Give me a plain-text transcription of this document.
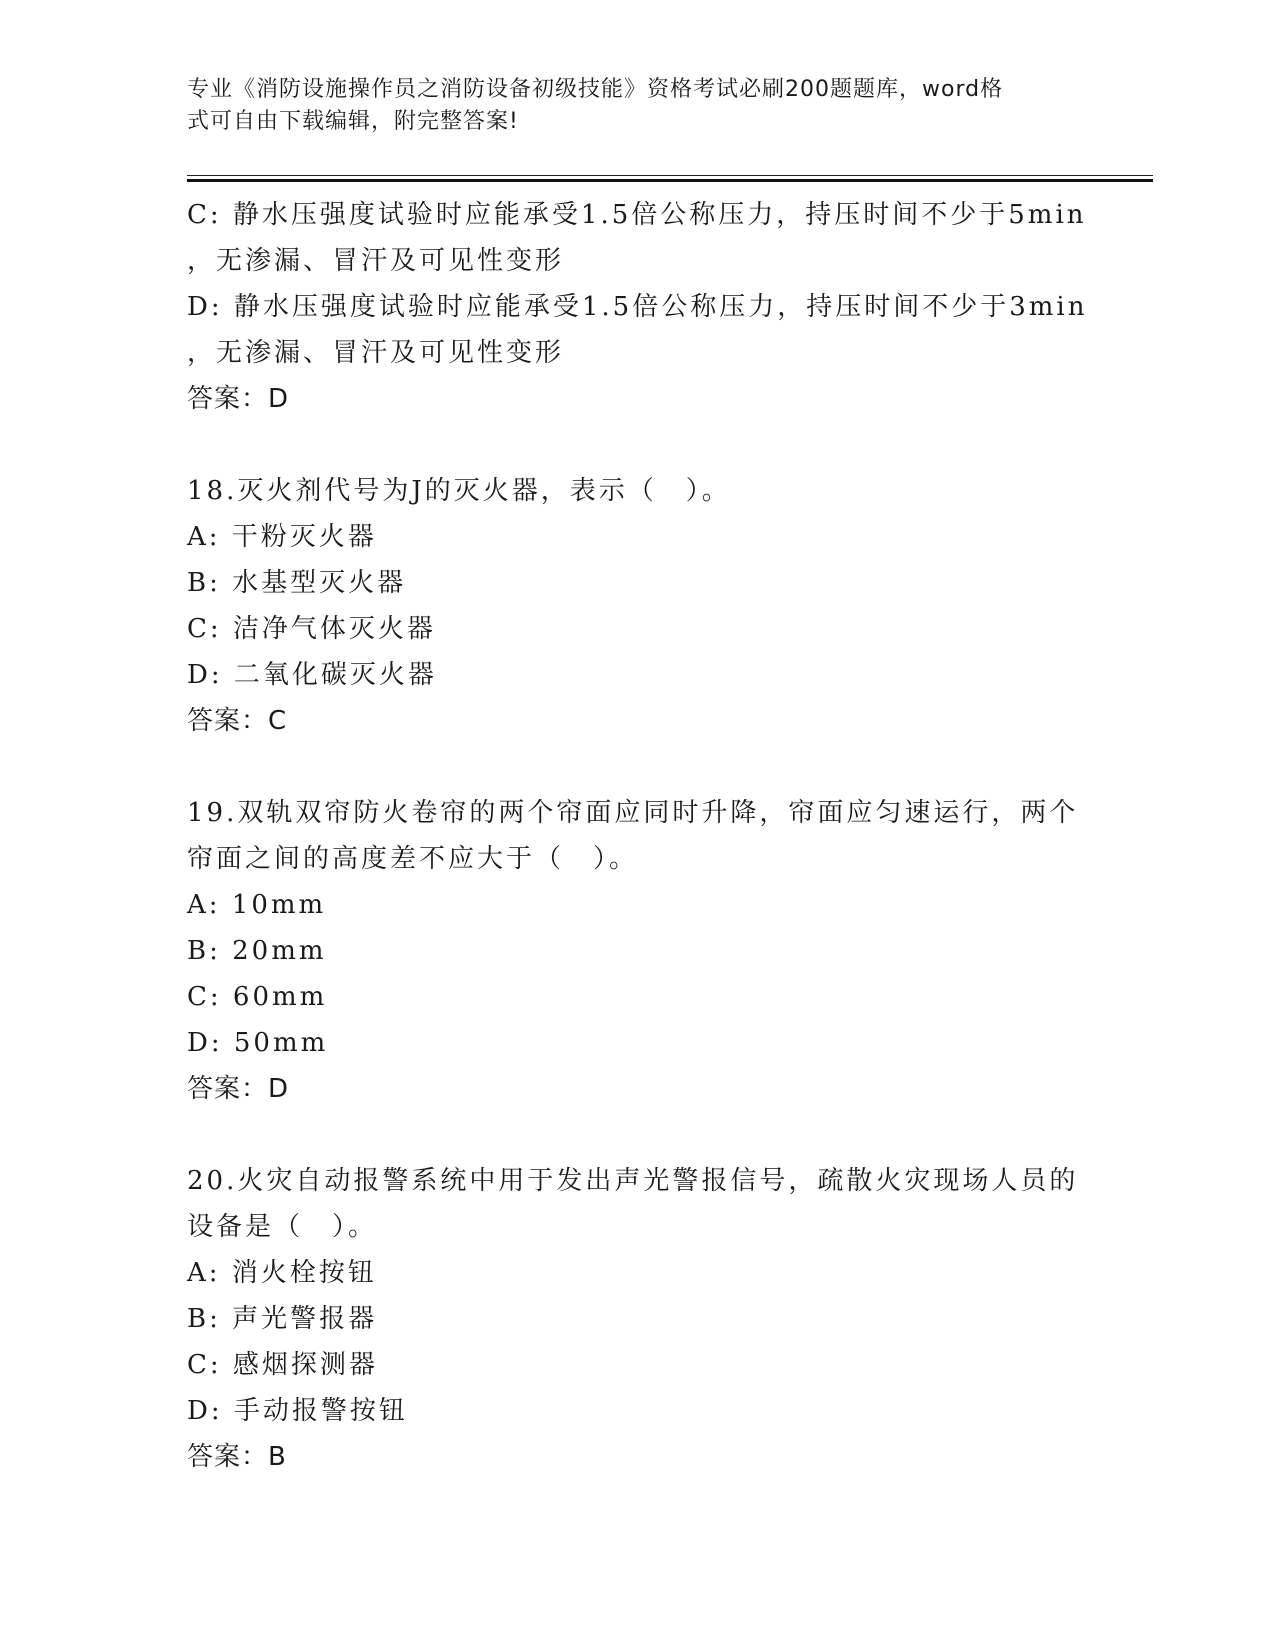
专业《消防设施操作员之消防设备初级技能》资格考试必刷200题题库，word格
式可自由下载编辑，附完整答案!
C: 静水压强度试验时应能承受1.5倍公称压力，持压时间不少于5min
，无渗漏、冒汗及可见性变形
D: 静水压强度试验时应能承受1.5倍公称压力，持压时间不少于3min
，无渗漏、冒汗及可见性变形
答案：D
18.灭火剂代号为J的灭火器，表示（　）。
A: 干粉灭火器
B: 水基型灭火器
C: 洁净气体灭火器
D: 二氧化碳灭火器
答案：C
19.双轨双帘防火卷帘的两个帘面应同时升降，帘面应匀速运行，两个
帘面之间的高度差不应大于（　）。
A: 10mm
B: 20mm
C: 60mm
D: 50mm
答案：D
20.火灾自动报警系统中用于发出声光警报信号，疏散火灾现场人员的
设备是（　）。
A: 消火栓按钮
B: 声光警报器
C: 感烟探测器
D: 手动报警按钮
答案：B
